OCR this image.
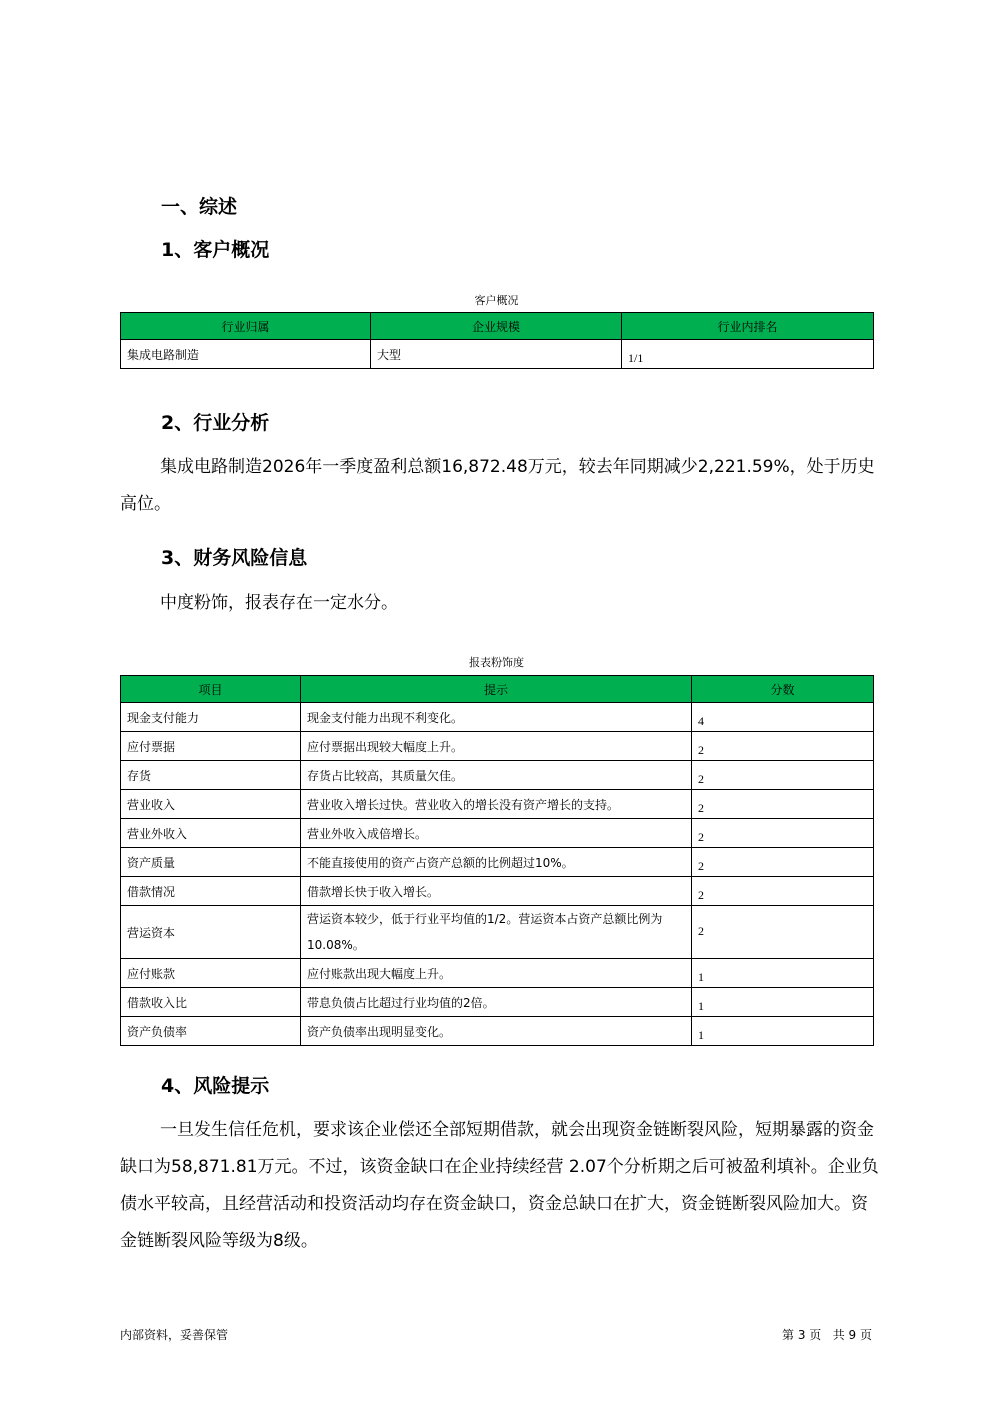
一、综述
1、客户概况
客户概况
行业归属	企业规模	行业内排名
集成电路制造	大型	1/1
2、行业分析
集成电路制造2026年一季度盈利总额16,872.48万元，较去年同期减少2,221.59%，处于历史高位。
3、财务风险信息
中度粉饰，报表存在一定水分。
报表粉饰度
项目	提示	分数
现金支付能力	现金支付能力出现不利变化。	4
应付票据	应付票据出现较大幅度上升。	2
存货	存货占比较高，其质量欠佳。	2
营业收入	营业收入增长过快。营业收入的增长没有资产增长的支持。	2
营业外收入	营业外收入成倍增长。	2
资产质量	不能直接使用的资产占资产总额的比例超过10%。	2
借款情况	借款增长快于收入增长。	2
营运资本	营运资本较少，低于行业平均值的1/2。营运资本占资产总额比例为10.08%。	2
应付账款	应付账款出现大幅度上升。	1
借款收入比	带息负债占比超过行业均值的2倍。	1
资产负债率	资产负债率出现明显变化。	1
4、风险提示
一旦发生信任危机，要求该企业偿还全部短期借款，就会出现资金链断裂风险，短期暴露的资金缺口为58,871.81万元。不过，该资金缺口在企业持续经营 2.07个分析期之后可被盈利填补。企业负债水平较高，且经营活动和投资活动均存在资金缺口，资金总缺口在扩大，资金链断裂风险加大。资金链断裂风险等级为8级。
内部资料，妥善保管	第 3 页   共 9 页
